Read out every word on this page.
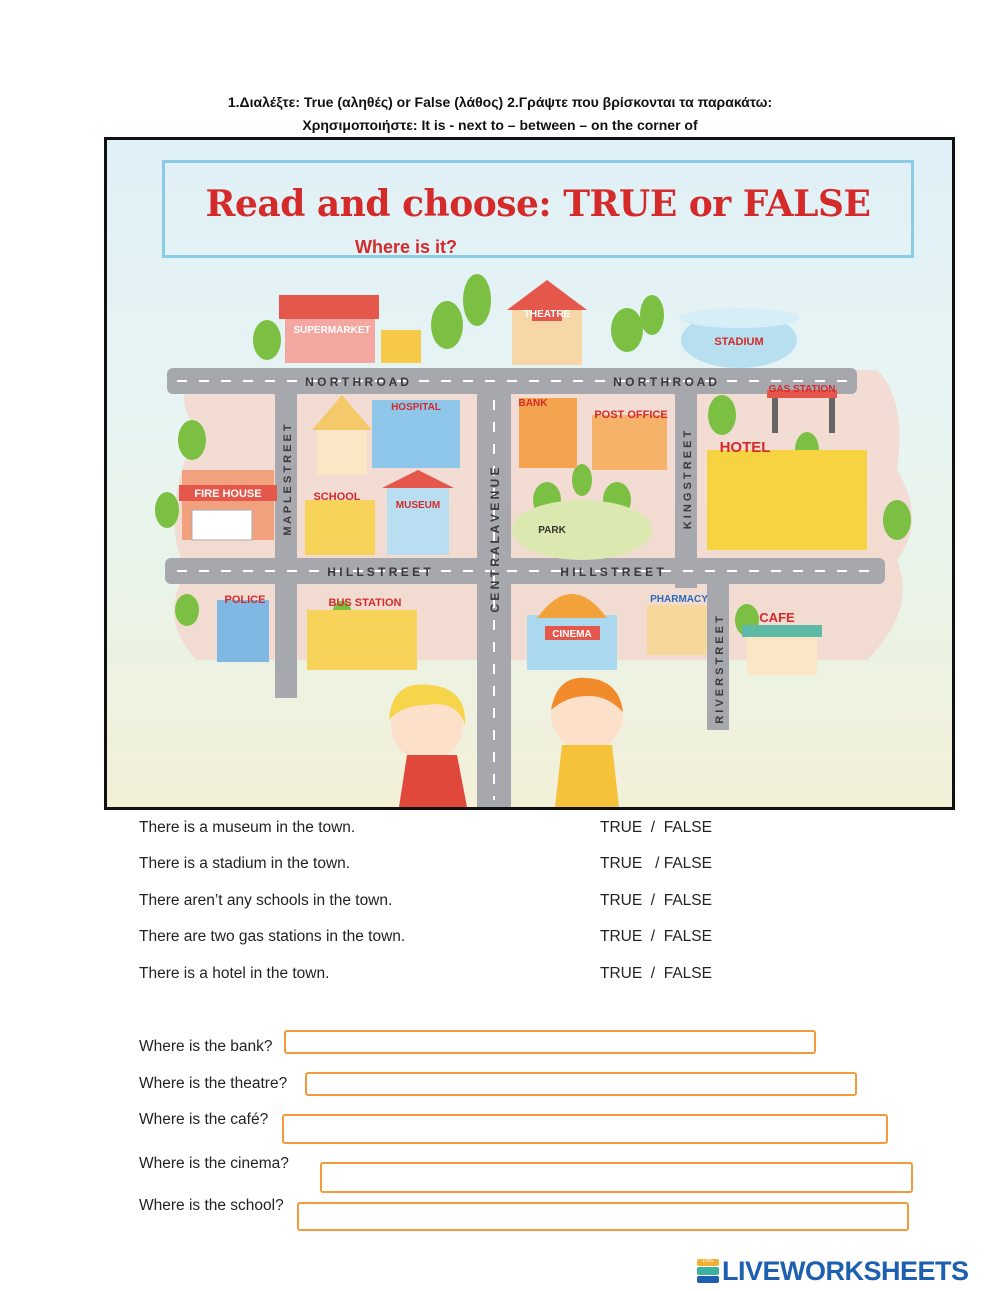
1.Διαλέξτε: True (αληθές) or False (λάθος) 2.Γράψτε που βρίσκονται τα παρακάτω:
Χρησιμοποιήστε: It is - next to – between – on the corner of
SUPERMARKET
THEATRE
STADIUM
GAS STATION
HOSPITAL	BANK
POST OFFICE
HOTEL
FIRE HOUSE	SCHOOL
MUSEUM
PARK
POLICE	BUS STATION
CINEMA
PHARMACY
CAFE
N O R T H R O A D	N O R T H R O A D
H I L L S T R E E T	H I L L S T R E E T
M A P L E S T R E E T	C E N T R A L A V E N U E	K I N G S T R E E T
R I V E R S T R E E T
Read and choose: TRUE or FALSE
Where is it?
There is a museum in the town.	TRUE  /  FALSE
There is a stadium in the town.	TRUE   / FALSE
There aren’t any schools in the town.	TRUE  /  FALSE
There are two gas stations in the town.	TRUE  /  FALSE
There is a hotel in the town.	TRUE  /  FALSE
Where is the bank?
Where is the theatre?
Where is the café?
Where is the cinema?
Where is the school?
LIVE LIVEWORKSHEETS
